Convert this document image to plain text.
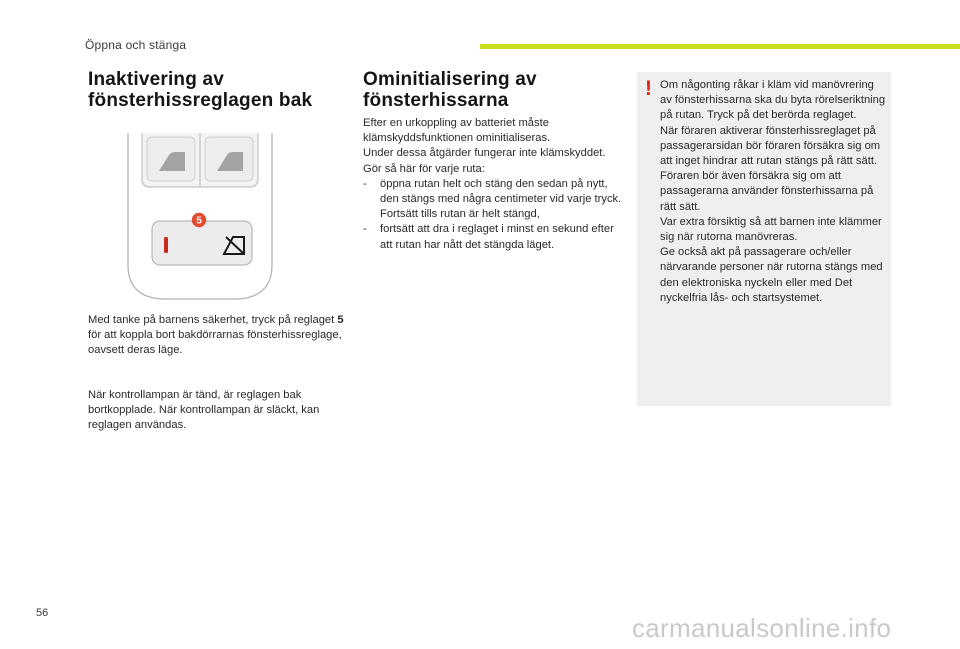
Öppna och stänga
Inaktivering av
fönsterhissreglagen bak
5
Med tanke på barnens säkerhet, tryck på reglaget 5 för att koppla bort bakdörrarnas fönsterhissreglage, oavsett deras läge.
När kontrollampan är tänd, är reglagen bak bortkopplade. När kontrollampan är släckt, kan reglagen användas.
Ominitialisering av
fönsterhissarna

Efter en urkoppling av batteriet måste klämskyddsfunktionen ominitialiseras.

Under dessa åtgärder fungerar inte klämskyddet.

Gör så här för varje ruta:

- öppna rutan helt och stäng den sedan på nytt, den stängs med några centimeter vid varje tryck. Fortsätt tills rutan är helt stängd,
- fortsätt att dra i reglaget i minst en sekund efter att rutan har nått det stängda läget.
! Om någonting råkar i kläm vid manövrering av fönsterhissarna ska du byta rörelseriktning på rutan. Tryck på det berörda reglaget.

När föraren aktiverar fönsterhissreglaget på passagerarsidan bör föraren försäkra sig om att inget hindrar att rutan stängs på rätt sätt.

Föraren bör även försäkra sig om att passagerarna använder fönsterhissarna på rätt sätt.

Var extra försiktig så att barnen inte klämmer sig när rutorna manövreras.

Ge också akt på passagerare och/eller närvarande personer när rutorna stängs med den elektroniska nyckeln eller med Det nyckelfria lås- och startsystemet.

56	carmanualsonline.info
